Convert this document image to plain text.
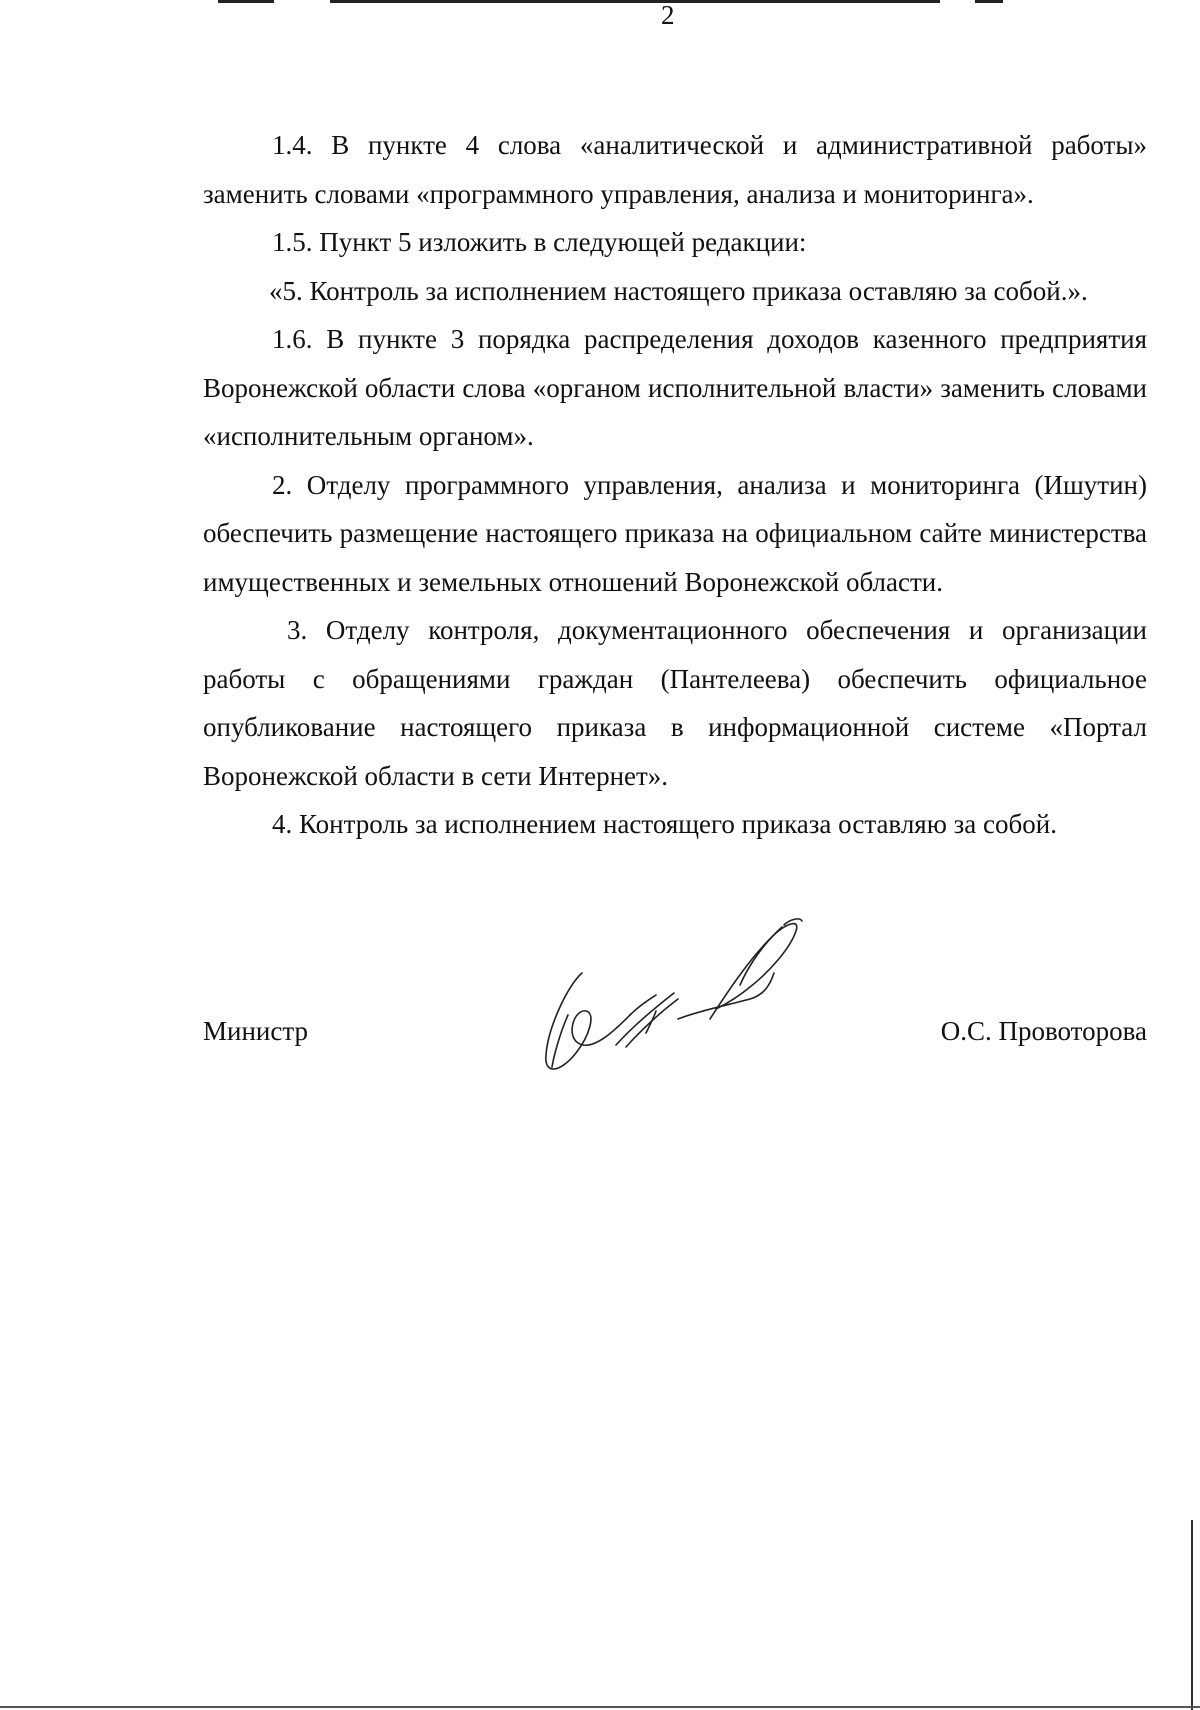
2

1.4. В пункте 4 слова «аналитической и административной работы» заменить словами «программного управления, анализа и мониторинга».

1.5. Пункт 5 изложить в следующей редакции:

«5. Контроль за исполнением настоящего приказа оставляю за собой.».

1.6. В пункте 3 порядка распределения доходов казенного предприятия Воронежской области слова «органом исполнительной власти» заменить словами «исполнительным органом».

2. Отделу программного управления, анализа и мониторинга (Ишутин) обеспечить размещение настоящего приказа на официальном сайте министерства имущественных и земельных отношений Воронежской области.

3. Отделу контроля, документационного обеспечения и организации работы с обращениями граждан (Пантелеева) обеспечить официальное опубликование настоящего приказа в информационной системе «Портал Воронежской области в сети Интернет».

4. Контроль за исполнением настоящего приказа оставляю за собой.

Министр	О.С. Провоторова
